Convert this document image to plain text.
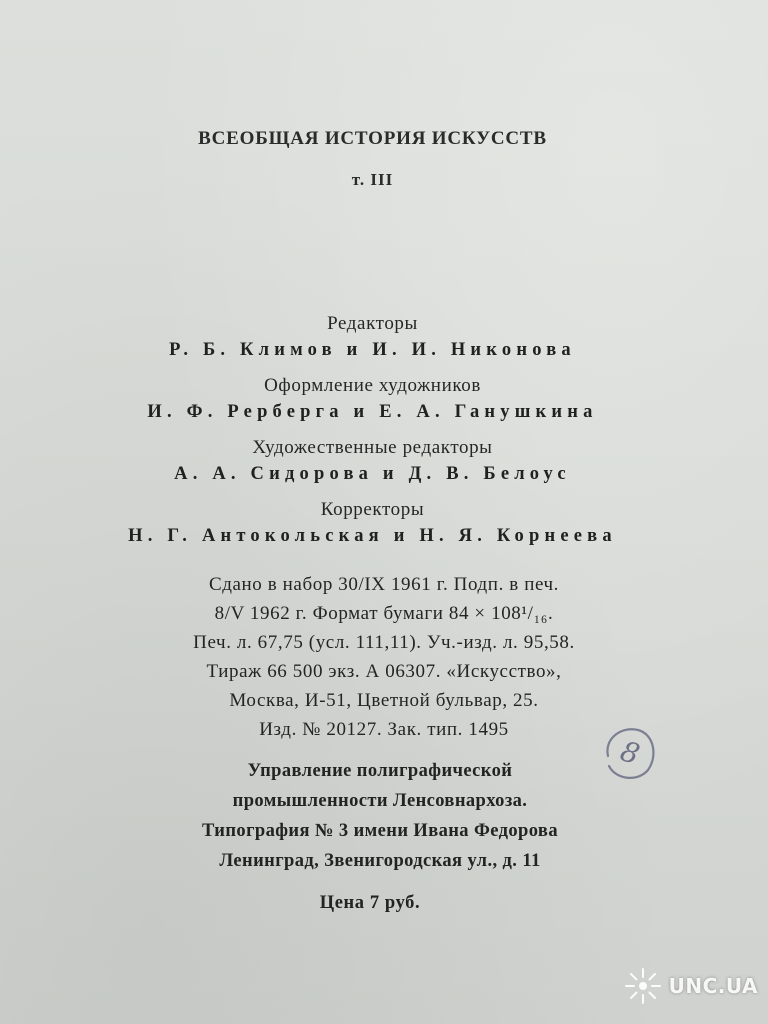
ВСЕОБЩАЯ ИСТОРИЯ ИСКУССТВ
т. III
Редакторы
Р. Б. Климов и И. И. Никонова
Оформление художников
И. Ф. Рерберга и Е. А. Ганушкина
Художественные редакторы
А. А. Сидорова и Д. В. Белоус
Корректоры
Н. Г. Антокольская и Н. Я. Корнеева
Сдано в набор 30/IX 1961 г. Подп. в печ.
8/V 1962 г. Формат бумаги 84 × 108¹/₁₆.
Печ. л. 67,75 (усл. 111,11). Уч.-изд. л. 95,58.
Тираж 66 500 экз. А 06307. «Искусство»,
Москва, И-51, Цветной бульвар, 25.
Изд. № 20127. Зак. тип. 1495
Управление полиграфической
промышленности Ленсовнархоза.
Типография № 3 имени Ивана Федорова
Ленинград, Звенигородская ул., д. 11
Цена 7 руб.
8
UNC.UA
